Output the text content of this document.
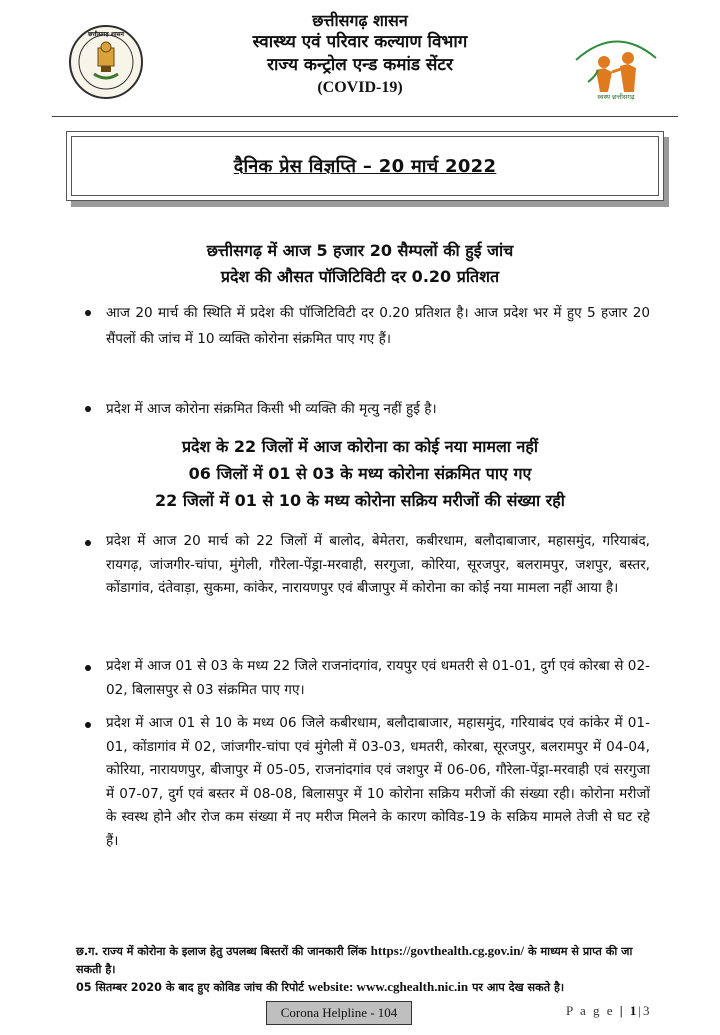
छत्तीसगढ़ शासन
स्वस्थ छत्तीसगढ़
छत्तीसगढ़ शासन
स्वास्थ्य एवं परिवार कल्याण विभाग
राज्य कन्ट्रोल एन्ड कमांड सेंटर
(COVID-19)
दैनिक प्रेस विज्ञप्ति – 20 मार्च 2022
छत्तीसगढ़ में आज 5 हजार 20 सैम्पलों की हुई जांच
प्रदेश की औसत पॉजिटिविटी दर 0.20 प्रतिशत
आज 20 मार्च की स्थिति में प्रदेश की पॉजिटिविटी दर 0.20 प्रतिशत है। आज प्रदेश भर में हुए 5 हजार 20 सैंपलों की जांच में 10 व्यक्ति कोरोना संक्रमित पाए गए हैं।
प्रदेश में आज कोरोना संक्रमित किसी भी व्यक्ति की मृत्यु नहीं हुई है।
प्रदेश के 22 जिलों में आज कोरोना का कोई नया मामला नहीं
06 जिलों में 01 से 03 के मध्य कोरोना संक्रमित पाए गए
22 जिलों में 01 से 10 के मध्य कोरोना सक्रिय मरीजों की संख्या रही
प्रदेश में आज 20 मार्च को 22 जिलों में बालोद, बेमेतरा, कबीरधाम, बलौदाबाजार, महासमुंद, गरियाबंद, रायगढ़, जांजगीर-चांपा, मुंगेली, गौरेला-पेंड्रा-मरवाही, सरगुजा, कोरिया, सूरजपुर, बलरामपुर, जशपुर, बस्तर, कोंडागांव, दंतेवाड़ा, सुकमा, कांकेर, नारायणपुर एवं बीजापुर में कोरोना का कोई नया मामला नहीं आया है।
प्रदेश में आज 01 से 03 के मध्य 22 जिले राजनांदगांव, रायपुर एवं धमतरी से 01-01, दुर्ग एवं कोरबा से 02-02, बिलासपुर से 03 संक्रमित पाए गए।
प्रदेश में आज 01 से 10 के मध्य 06 जिले कबीरधाम, बलौदाबाजार, महासमुंद, गरियाबंद एवं कांकेर में 01-01, कोंडागांव में 02, जांजगीर-चांपा एवं मुंगेली में 03-03, धमतरी, कोरबा, सूरजपुर, बलरामपुर में 04-04, कोरिया, नारायणपुर, बीजापुर में 05-05, राजनांदगांव एवं जशपुर में 06-06, गौरेला-पेंड्रा-मरवाही एवं सरगुजा में 07-07, दुर्ग एवं बस्तर में 08-08, बिलासपुर में 10 कोरोना सक्रिय मरीजों की संख्या रही। कोरोना मरीजों के स्वस्थ होने और रोज कम संख्या में नए मरीज मिलने के कारण कोविड-19 के सक्रिय मामले तेजी से घट रहे हैं।
छ.ग. राज्य में कोरोना के इलाज हेतु उपलब्ध बिस्तरों की जानकारी लिंक https://govthealth.cg.gov.in/ के माध्यम से प्राप्त की जा सकती है।
05 सितम्बर 2020 के बाद हुए कोविड जांच की रिपोर्ट website: www.cghealth.nic.in पर आप देख सकते है।
Corona Helpline - 104	P a g e | 1|3
